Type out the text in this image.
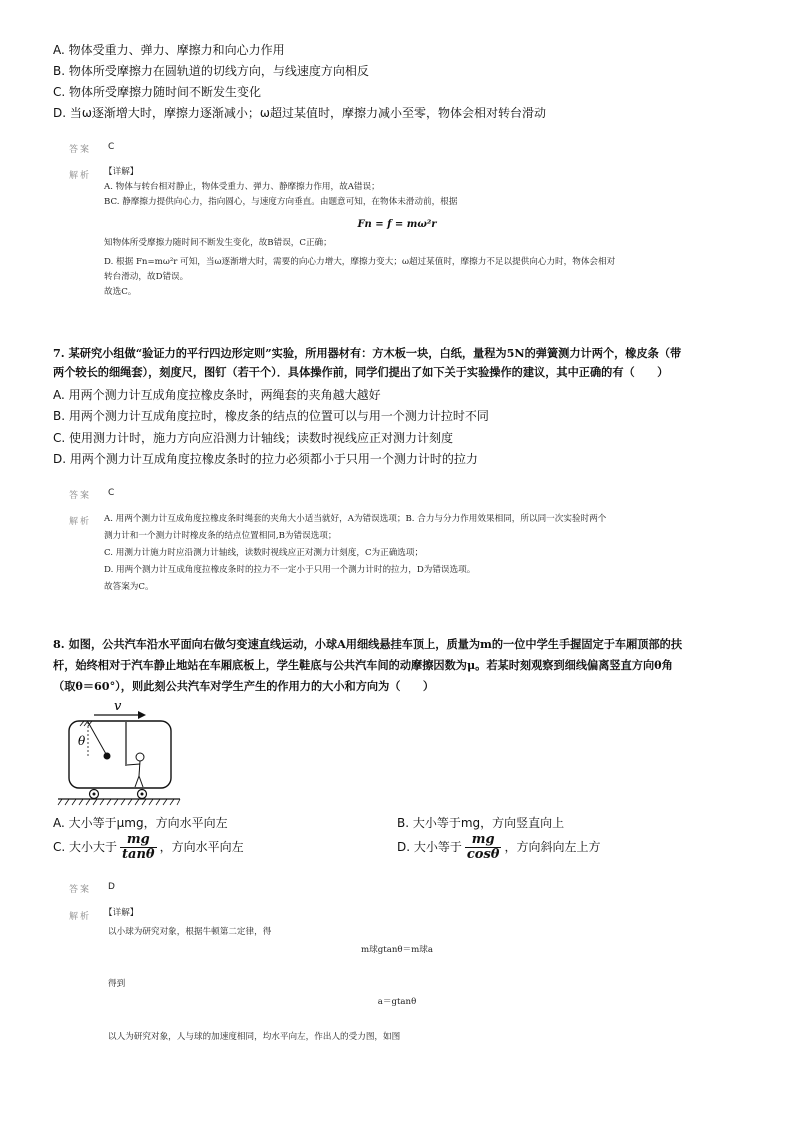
A. 物体受重力、弹力、摩擦力和向心力作用
B. 物体所受摩擦力在圆轨道的切线方向，与线速度方向相反
C. 物体所受摩擦力随时间不断发生变化
D. 当ω逐渐增大时，摩擦力逐渐减小；ω超过某值时，摩擦力减小至零，物体会相对转台滑动
答案 C
解析 【详解】
A. 物体与转台相对静止，物体受重力、弹力、静摩擦力作用，故A错误；
BC. 静摩擦力提供向心力，指向圆心，与速度方向垂直。由题意可知，在物体未滑动前，根据
Fn = f = mω²r
知物体所受摩擦力随时间不断发生变化，故B错误，C正确；
D. 根据 Fn=mω²r 可知，当ω逐渐增大时，需要的向心力增大，摩擦力变大；ω超过某值时，摩擦力不足以提供向心力时，物体会相对
转台滑动，故D错误。
故选C。
7. 某研究小组做“验证力的平行四边形定则”实验，所用器材有：方木板一块，白纸，量程为5N的弹簧测力计两个，橡皮条（带
两个较长的细绳套），刻度尺，图钉（若干个）．具体操作前，同学们提出了如下关于实验操作的建议，其中正确的有（　　）
A. 用两个测力计互成角度拉橡皮条时，两绳套的夹角越大越好
B. 用两个测力计互成角度拉时，橡皮条的结点的位置可以与用一个测力计拉时不同
C. 使用测力计时，施力方向应沿测力计轴线；读数时视线应正对测力计刻度
D. 用两个测力计互成角度拉橡皮条时的拉力必须都小于只用一个测力计时的拉力
答案 C
解析 A. 用两个测力计互成角度拉橡皮条时绳套的夹角大小适当就好，A为错误选项；B. 合力与分力作用效果相同，所以同一次实验时两个
测力计和一个测力计时橡皮条的结点位置相同,B为错误选项；
C. 用测力计施力时应沿测力计轴线，读数时视线应正对测力计刻度，C为正确选项；
D. 用两个测力计互成角度拉橡皮条时的拉力不一定小于只用一个测力计时的拉力，D为错误选项。
故答案为C。
8. 如图，公共汽车沿水平面向右做匀变速直线运动，小球A用细线悬挂车顶上，质量为m的一位中学生手握固定于车厢顶部的扶
杆，始终相对于汽车静止地站在车厢底板上，学生鞋底与公共汽车间的动摩擦因数为μ。若某时刻观察到细线偏离竖直方向θ角
（取θ＝60°），则此刻公共汽车对学生产生的作用力的大小和方向为（　　）
v
θ
A. 大小等于μmg，方向水平向左	B. 大小等于mg，方向竖直向上
C. 大小大于 $\frac{mg}{\tan\theta}$ ，方向水平向左	D. 大小等于 $\frac{mg}{\cos\theta}$ ，方向斜向左上方
答案 D
解析 【详解】
以小球为研究对象，根据牛顿第二定律，得
m球gtanθ＝m球a
得到
a＝gtanθ
以人为研究对象，人与球的加速度相同，均水平向左，作出人的受力图，如图
